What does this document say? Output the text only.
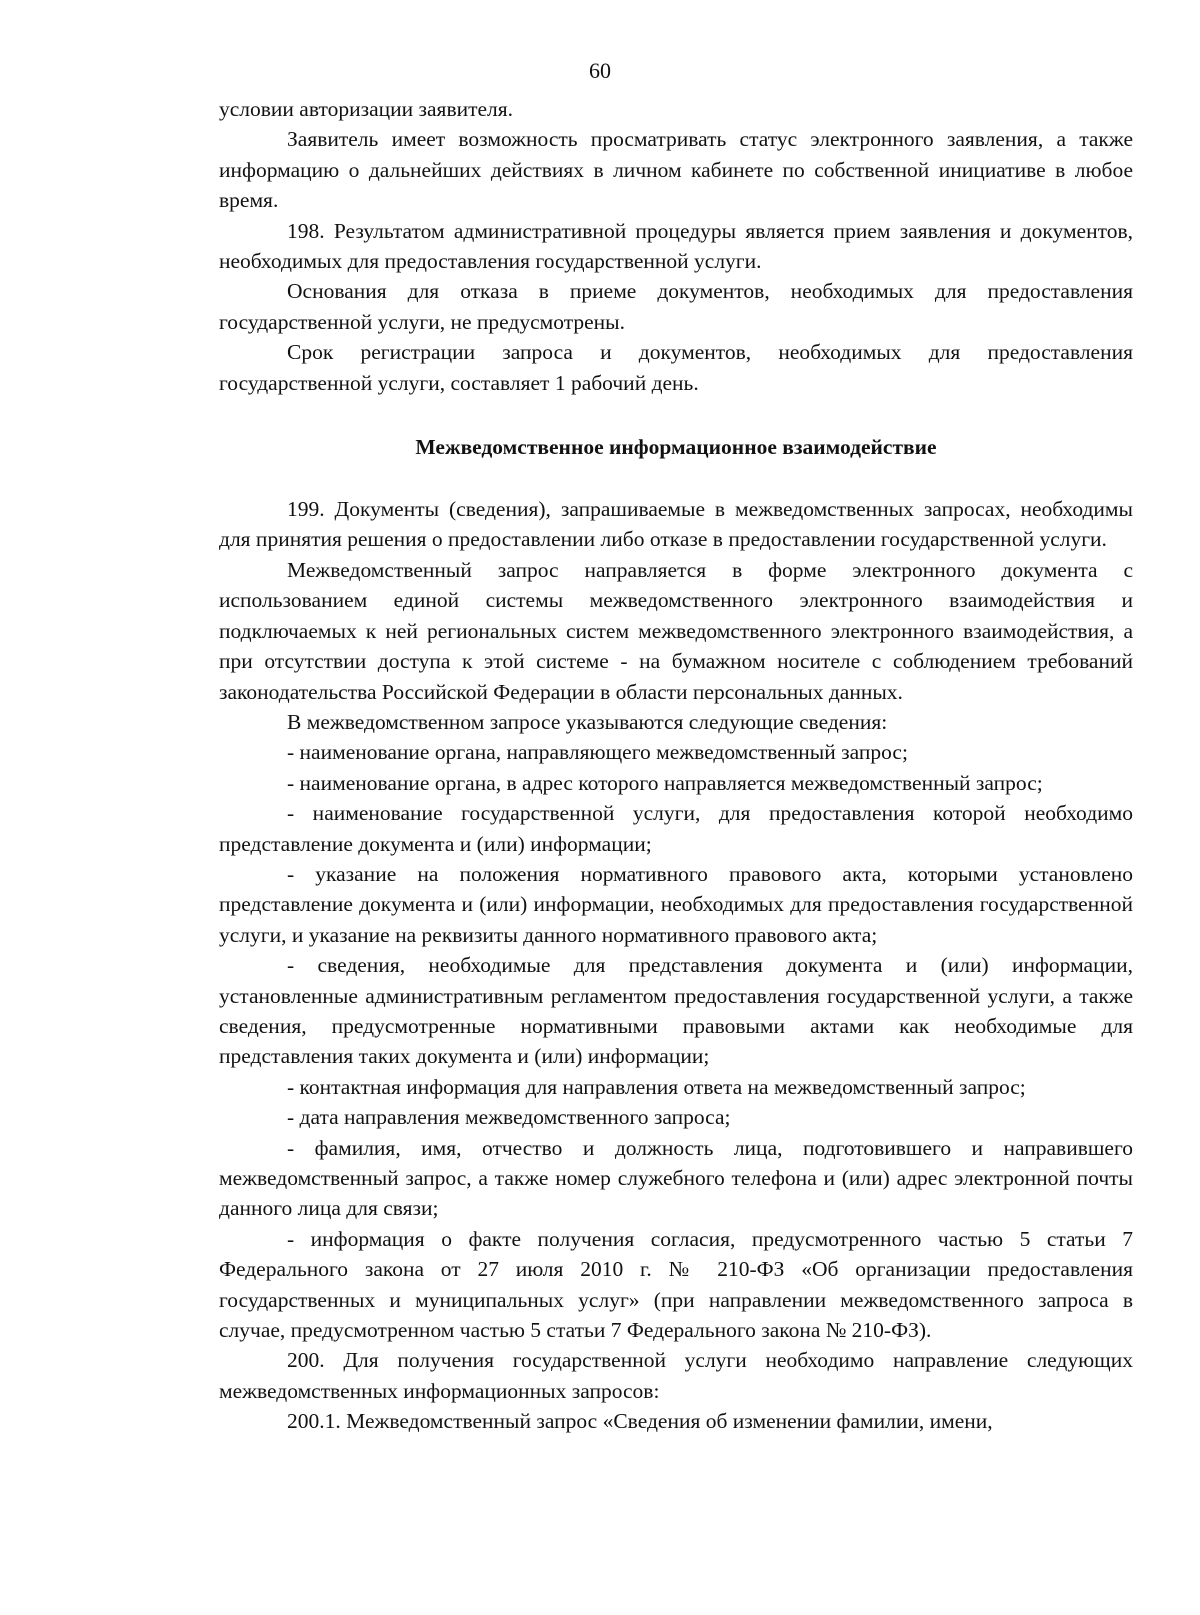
60

условии авторизации заявителя.

Заявитель имеет возможность просматривать статус электронного заявления, а также информацию о дальнейших действиях в личном кабинете по собственной инициативе в любое время.

198. Результатом административной процедуры является прием заявления и документов, необходимых для предоставления государственной услуги.

Основания для отказа в приеме документов, необходимых для предоставления государственной услуги, не предусмотрены.

Срок регистрации запроса и документов, необходимых для предоставления государственной услуги, составляет 1 рабочий день.

Межведомственное информационное взаимодействие

199. Документы (сведения), запрашиваемые в межведомственных запросах, необходимы для принятия решения о предоставлении либо отказе в предоставлении государственной услуги.

Межведомственный запрос направляется в форме электронного документа с использованием единой системы межведомственного электронного взаимодействия и подключаемых к ней региональных систем межведомственного электронного взаимодействия, а при отсутствии доступа к этой системе - на бумажном носителе с соблюдением требований законодательства Российской Федерации в области персональных данных.

В межведомственном запросе указываются следующие сведения:

- наименование органа, направляющего межведомственный запрос;

- наименование органа, в адрес которого направляется межведомственный запрос;

- наименование государственной услуги, для предоставления которой необходимо представление документа и (или) информации;

- указание на положения нормативного правового акта, которыми установлено представление документа и (или) информации, необходимых для предоставления государственной услуги, и указание на реквизиты данного нормативного правового акта;

- сведения, необходимые для представления документа и (или) информации, установленные административным регламентом предоставления государственной услуги, а также сведения, предусмотренные нормативными правовыми актами как необходимые для представления таких документа и (или) информации;

- контактная информация для направления ответа на межведомственный запрос;

- дата направления межведомственного запроса;

- фамилия, имя, отчество и должность лица, подготовившего и направившего межведомственный запрос, а также номер служебного телефона и (или) адрес электронной почты данного лица для связи;

- информация о факте получения согласия, предусмотренного частью 5 статьи 7 Федерального закона от 27 июля 2010 г. № 210-ФЗ «Об организации предоставления государственных и муниципальных услуг» (при направлении межведомственного запроса в случае, предусмотренном частью 5 статьи 7 Федерального закона № 210-ФЗ).

200. Для получения государственной услуги необходимо направление следующих межведомственных информационных запросов:

200.1. Межведомственный запрос «Сведения об изменении фамилии, имени,
